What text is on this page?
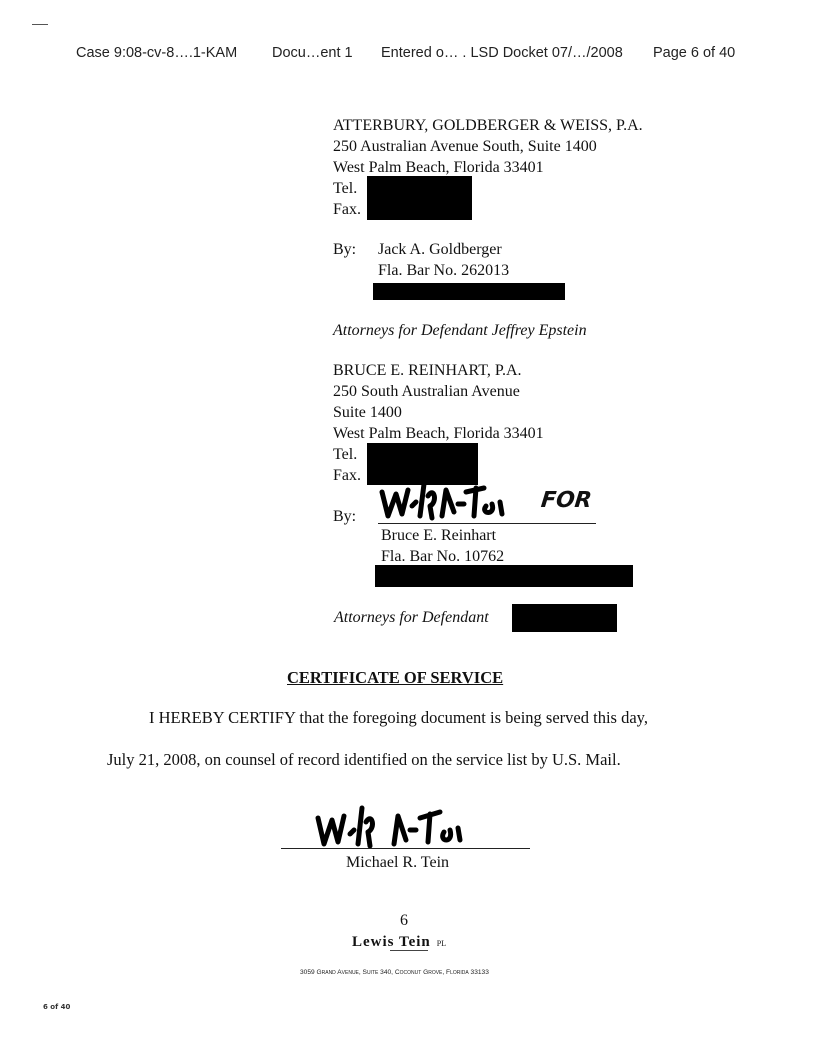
Case 9:08-cv-8….1-KAM Docu…ent 1 Entered o… . LSD Docket 07/…/2008 Page 6 of 40
ATTERBURY, GOLDBERGER & WEISS, P.A.
250 Australian Avenue South, Suite 1400
West Palm Beach, Florida 33401
Tel.
Fax.
By: Jack A. Goldberger
Fla. Bar No. 262013
Attorneys for Defendant Jeffrey Epstein
BRUCE E. REINHART, P.A.
250 South Australian Avenue
Suite 1400
West Palm Beach, Florida 33401
Tel.
Fax.
By:
FOR
Bruce E. Reinhart
Fla. Bar No. 10762
Attorneys for Defendant
CERTIFICATE OF SERVICE
I HEREBY CERTIFY that the foregoing document is being served this day,
July 21, 2008, on counsel of record identified on the service list by U.S. Mail.
Michael R. Tein
6
Lewis Tein PL
3059 Grand Avenue, Suite 340, Coconut Grove, Florida 33133
6 of 40
